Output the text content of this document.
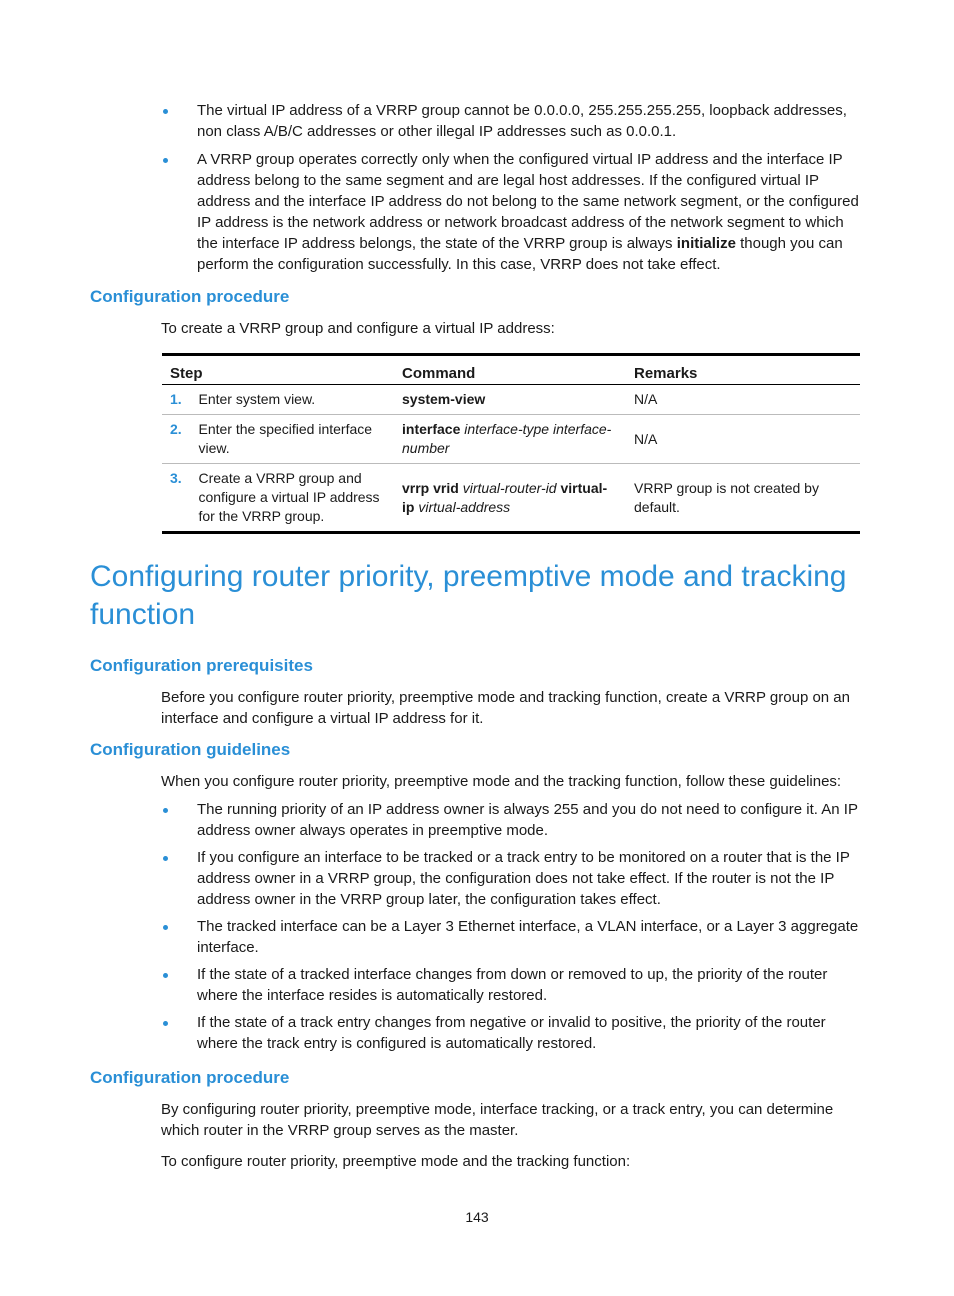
The virtual IP address of a VRRP group cannot be 0.0.0.0, 255.255.255.255, loopback addresses, non class A/B/C addresses or other illegal IP addresses such as 0.0.0.1.
A VRRP group operates correctly only when the configured virtual IP address and the interface IP address belong to the same segment and are legal host addresses. If the configured virtual IP address and the interface IP address do not belong to the same network segment, or the configured IP address is the network address or network broadcast address of the network segment to which the interface IP address belongs, the state of the VRRP group is always initialize though you can perform the configuration successfully. In this case, VRRP does not take effect.
Configuration procedure

To create a VRRP group and configure a virtual IP address:

Step		Command	Remarks
1.	Enter system view.	system-view	N/A
2.	Enter the specified interface view.	interface interface-type interface-number	N/A
3.	Create a VRRP group and configure a virtual IP address for the VRRP group.	vrrp vrid virtual-router-id virtual-ip virtual-address	VRRP group is not created by default.
Configuring router priority, preemptive mode and tracking function
Configuration prerequisites

Before you configure router priority, preemptive mode and tracking function, create a VRRP group on an interface and configure a virtual IP address for it.

Configuration guidelines

When you configure router priority, preemptive mode and the tracking function, follow these guidelines:

The running priority of an IP address owner is always 255 and you do not need to configure it. An IP address owner always operates in preemptive mode.
If you configure an interface to be tracked or a track entry to be monitored on a router that is the IP address owner in a VRRP group, the configuration does not take effect. If the router is not the IP address owner in the VRRP group later, the configuration takes effect.
The tracked interface can be a Layer 3 Ethernet interface, a VLAN interface, or a Layer 3 aggregate interface.
If the state of a tracked interface changes from down or removed to up, the priority of the router where the interface resides is automatically restored.
If the state of a track entry changes from negative or invalid to positive, the priority of the router where the track entry is configured is automatically restored.
Configuration procedure

By configuring router priority, preemptive mode, interface tracking, or a track entry, you can determine which router in the VRRP group serves as the master.

To configure router priority, preemptive mode and the tracking function:

143
